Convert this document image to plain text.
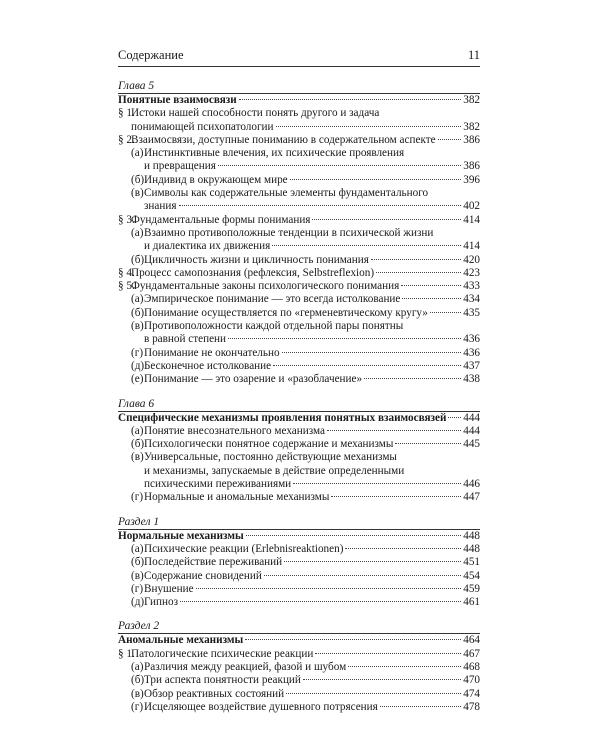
Содержание	11
Глава 5
Понятные взаимосвязи	382
§ 1.
Истоки нашей способности понять другого и задача
понимающей психопатологии	382
§ 2.
Взаимосвязи, доступные пониманию в содержательном аспекте 386
(а) Инстинктивные влечения, их психические проявления
и превращения	386
(б) Индивид в окружающем мире	396
(в) Символы как содержательные элементы фундаментального
знания	402
§ 3.
Фундаментальные формы понимания	414
(а) Взаимно противоположные тенденции в психической жизни
и диалектика их движения	414
(б) Цикличность жизни и цикличность понимания	420
§ 4.
Процесс самопознания (рефлексия, Selbstreflexion)	423
§ 5.
Фундаментальные законы психологического понимания	433
(а) Эмпирическое понимание — это всегда истолкование	434
(б) Понимание осуществляется по «герменевтическому кругу»	435
(в) Противоположности каждой отдельной пары понятны
в равной степени	436
(г) Понимание не окончательно	436
(д) Бесконечное истолкование	437
(е) Понимание — это озарение и «разоблачение»	438
Глава 6
Специфические механизмы проявления понятных взаимосвязей 444
(а) Понятие внесознательного механизма	444
(б) Психологически понятное содержание и механизмы	445
(в) Универсальные, постоянно действующие механизмы
и механизмы, запускаемые в действие определенными
психическими переживаниями	446
(г) Нормальные и аномальные механизмы	447
Раздел 1
Нормальные механизмы	448
(а) Психические реакции (Erlebnisreaktionen)	448
(б) Последействие переживаний	451
(в) Содержание сновидений	454
(г) Внушение	459
(д) Гипноз	461
Раздел 2
Аномальные механизмы	464
§ 1.
Патологические психические реакции	467
(а) Различия между реакцией, фазой и шубом	468
(б) Три аспекта понятности реакций	470
(в) Обзор реактивных состояний	474
(г) Исцеляющее воздействие душевного потрясения	478
